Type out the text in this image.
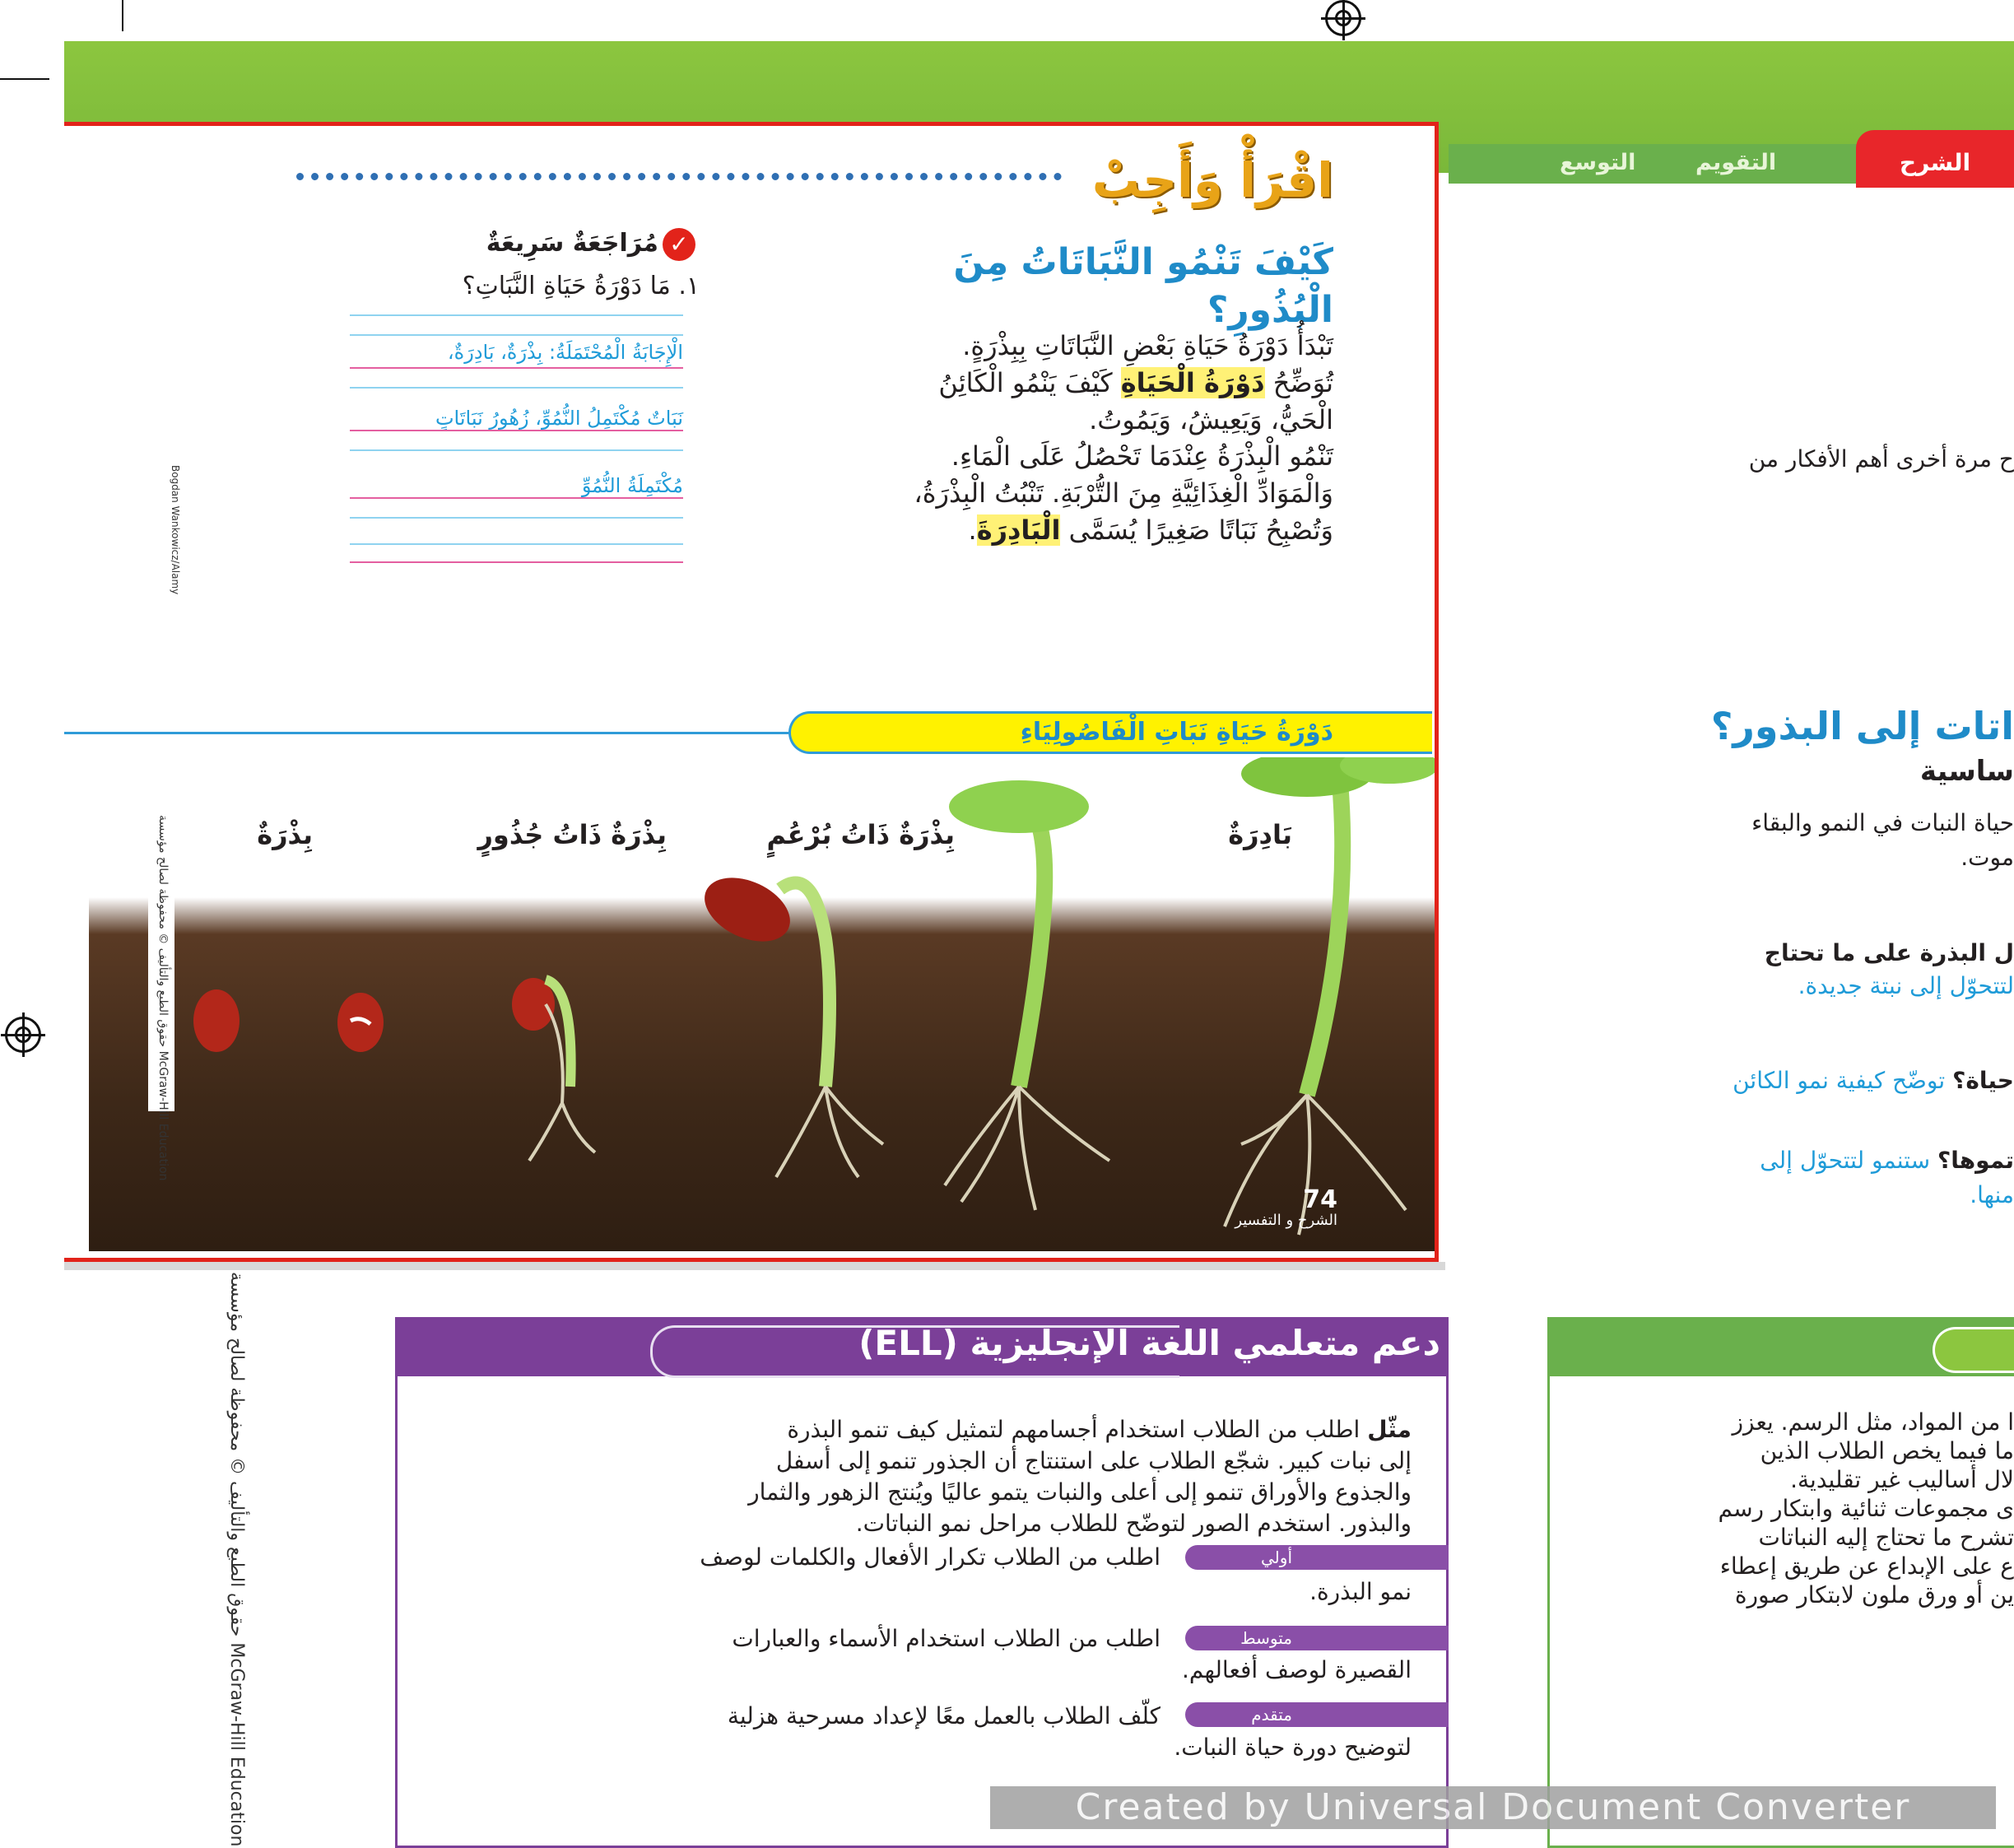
التقويم
التوسع	الشرح
اقْرَأْ وَأَجِبْ
كَيْفَ تَنْمُو النَّبَاتَاتُ مِنَ
الْبُذُورِ؟
تَبْدَأُ دَوْرَةُ حَيَاةِ بَعْضِ النَّبَاتَاتِ بِبِذْرَةٍ.
تُوَضِّحُ دَوْرَةُ الْحَيَاةِ كَيْفَ يَنْمُو الْكَائِنُ
الْحَيُّ، وَيَعِيشُ، وَيَمُوتُ.
تَنْمُو الْبِذْرَةُ عِنْدَمَا تَحْصُلُ عَلَى الْمَاءِ.
وَالْمَوَادِّ الْغِذَائِيَّةِ مِنَ التُّرْبَةِ. تَنْبُتُ الْبِذْرَةُ،
وَتُصْبِحُ نَبَاتًا صَغِيرًا يُسَمَّى الْبَادِرَةَ.
✓
مُرَاجَعَةٌ سَرِيعَةٌ
١. مَا دَوْرَةُ حَيَاةِ النَّبَاتِ؟
الْإِجَابَةُ الْمُحْتَمَلَةُ: بِذْرَةٌ، بَادِرَةٌ،
نَبَاتٌ مُكْتَمِلُ النُّمُوِّ، زُهُورُ نَبَاتَاتٍ
مُكْتَمِلَةُ النُّمُوِّ
Bogdan Wankowicz/Alamy
دَوْرَةُ حَيَاةِ نَبَاتِ الْفَاصُولِيَاءِ
بَادِرَةٌ
بِذْرَةٌ ذَاتُ بُرْعُمٍ
بِذْرَةٌ ذَاتُ جُذُورٍ
بِذْرَةٌ
حقوق الطبع والتأليف © محفوظة لصالح مؤسسة McGraw-Hill Education
74
الشرح و التفسير
حقوق الطبع والتأليف © محفوظة لصالح مؤسسة McGraw-Hill Education
ح مرة أخرى أهم الأفكار من
اتات إلى البذور؟
ساسية
حياة النبات في النمو والبقاء
موت.
ل البذرة على ما تحتاج
لتتحوّل إلى نبتة جديدة.
حياة؟ توضّح كيفية نمو الكائن
تموها؟ ستنمو لتتحوّل إلى
منها.
دعم متعلمي اللغة الإنجليزية (ELL)
مثّل اطلب من الطلاب استخدام أجسامهم لتمثيل كيف تنمو البذرة
إلى نبات كبير. شجّع الطلاب على استنتاج أن الجذور تنمو إلى أسفل
والجذوع والأوراق تنمو إلى أعلى والنبات يتمو عاليًا ويُنتج الزهور والثمار
والبذور. استخدم الصور لتوضّح للطلاب مراحل نمو النباتات.
أولي
اطلب من الطلاب تكرار الأفعال والكلمات لوصف
نمو البذرة.
متوسط
اطلب من الطلاب استخدام الأسماء والعبارات
القصيرة لوصف أفعالهم.
متقدم
كلّف الطلاب بالعمل معًا لإعداد مسرحية هزلية
لتوضيح دورة حياة النبات.
ا من المواد، مثل الرسم. يعزز
ما فيما يخص الطلاب الذين
لال أساليب غير تقليدية.
ى مجموعات ثنائية وابتكار رسم
تشرح ما تحتاج إليه النباتات
ع على الإبداع عن طريق إعطاء
ين أو ورق ملون لابتكار صورة
Created by Universal Document Converter
